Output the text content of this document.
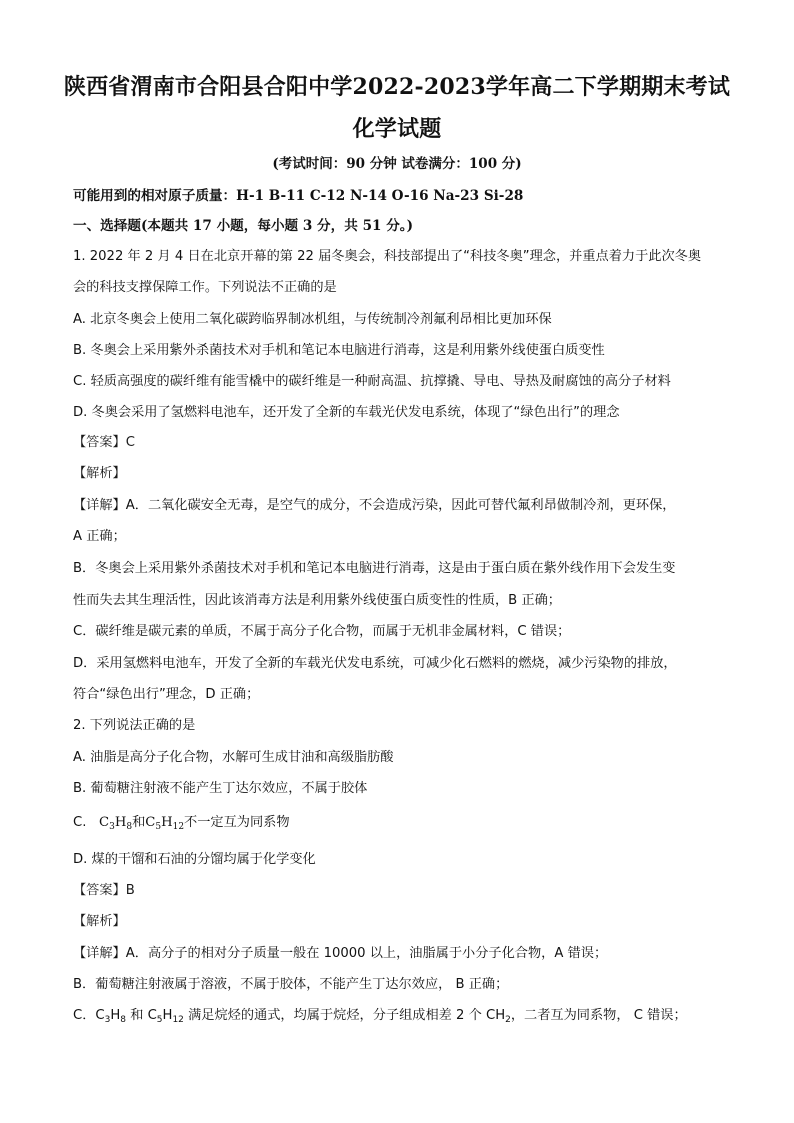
陕西省渭南市合阳县合阳中学2022-2023学年高二下学期期末考试
化学试题
(考试时间：90 分钟 试卷满分：100 分)
可能用到的相对原子质量：H-1 B-11 C-12 N-14 O-16 Na-23 Si-28
一、选择题(本题共 17 小题，每小题 3 分，共 51 分。)
1. 2022 年 2 月 4 日在北京开幕的第 22 届冬奥会，科技部提出了“科技冬奥”理念，并重点着力于此次冬奥
会的科技支撑保障工作。下列说法不正确的是
A. 北京冬奥会上使用二氧化碳跨临界制冰机组，与传统制冷剂氟利昂相比更加环保
B. 冬奥会上采用紫外杀菌技术对手机和笔记本电脑进行消毒，这是利用紫外线使蛋白质变性
C. 轻质高强度的碳纤维有能雪橇中的碳纤维是一种耐高温、抗撑撬、导电、导热及耐腐蚀的高分子材料
D. 冬奥会采用了氢燃料电池车，还开发了全新的车载光伏发电系统，体现了“绿色出行”的理念
【答案】C
【解析】
【详解】A．二氧化碳安全无毒，是空气的成分，不会造成污染，因此可替代氟利昂做制冷剂，更环保，
A 正确；
B．冬奥会上采用紫外杀菌技术对手机和笔记本电脑进行消毒，这是由于蛋白质在紫外线作用下会发生变
性而失去其生理活性，因此该消毒方法是利用紫外线使蛋白质变性的性质，B 正确；
C．碳纤维是碳元素的单质，不属于高分子化合物，而属于无机非金属材料，C 错误；
D．采用氢燃料电池车，开发了全新的车载光伏发电系统，可减少化石燃料的燃烧，减少污染物的排放，
符合“绿色出行”理念，D 正确；
2. 下列说法正确的是
A. 油脂是高分子化合物，水解可生成甘油和高级脂肪酸
B. 葡萄糖注射液不能产生丁达尔效应，不属于胶体
C. $C_3H_8$和$C_5H_{12}$不一定互为同系物
D. 煤的干馏和石油的分馏均属于化学变化
【答案】B
【解析】
【详解】A．高分子的相对分子质量一般在 10000 以上，油脂属于小分子化合物，A 错误；
B．葡萄糖注射液属于溶液，不属于胶体，不能产生丁达尔效应， B 正确；
C．$C_3H_8$ 和 $C_5H_{12}$ 满足烷烃的通式，均属于烷烃，分子组成相差 2 个 $CH_2$，二者互为同系物， C 错误；
